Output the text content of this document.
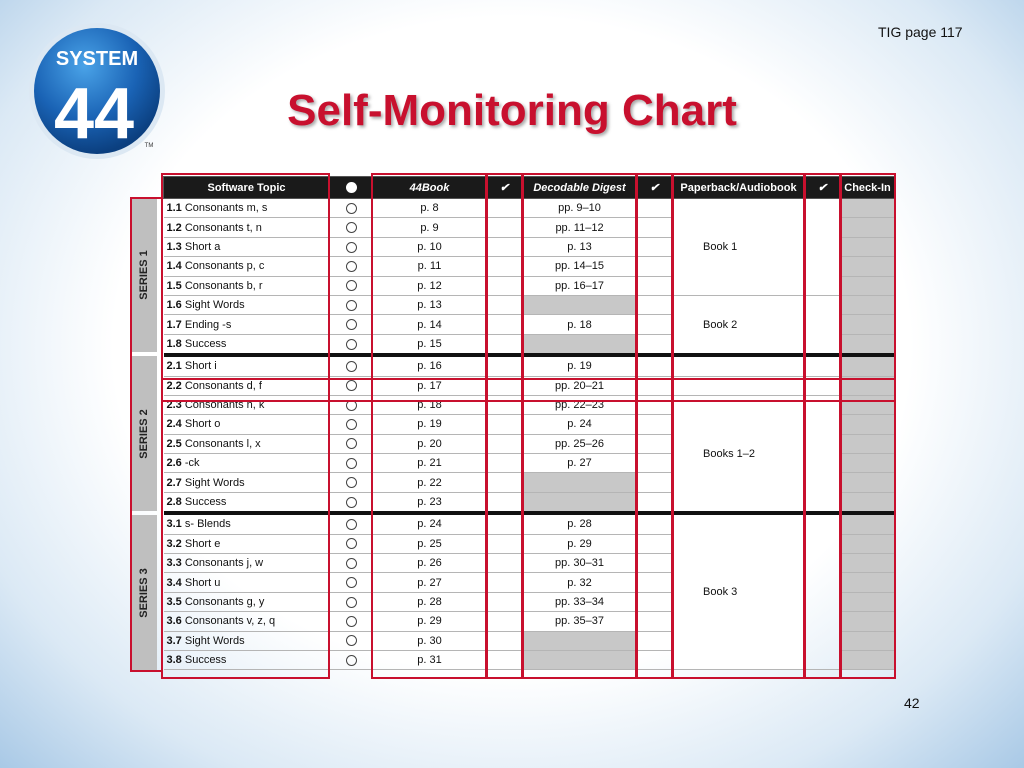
SYSTEM
44 TM
TIG page 117
Self-Monitoring Chart
SERIES 1
SERIES 2
SERIES 3
Software Topic		44Book	✔	Decodable Digest	✔	Paperback/Audiobook	✔	Check-In
1.1 Consonants m, s		p. 8		pp. 9–10		Book 1		
1.2 Consonants t, n		p. 9		pp. 11–12				
1.3 Short a		p. 10		p. 13				
1.4 Consonants p, c		p. 11		pp. 14–15				
1.5 Consonants b, r		p. 12		pp. 16–17				
1.6 Sight Words		p. 13				Book 2		
1.7 Ending -s		p. 14		p. 18				
1.8 Success		p. 15						
2.1 Short i		p. 16		p. 19				
2.2 Consonants d, f		p. 17		pp. 20–21				
2.3 Consonants h, k		p. 18		pp. 22–23		Books 1–2		
2.4 Short o		p. 19		p. 24				
2.5 Consonants l, x		p. 20		pp. 25–26				
2.6 -ck		p. 21		p. 27				
2.7 Sight Words		p. 22						
2.8 Success		p. 23						
3.1 s- Blends		p. 24		p. 28		Book 3		
3.2 Short e		p. 25		p. 29				
3.3 Consonants j, w		p. 26		pp. 30–31				
3.4 Short u		p. 27		p. 32				
3.5 Consonants g, y		p. 28		pp. 33–34				
3.6 Consonants v, z, q		p. 29		pp. 35–37				
3.7 Sight Words		p. 30						
3.8 Success		p. 31						
42
